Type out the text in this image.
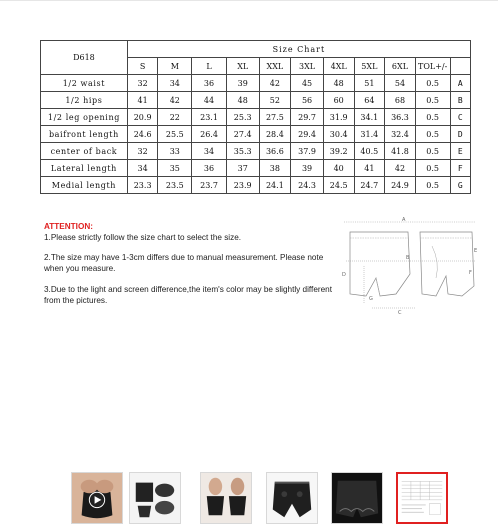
D618	Size Chart										
	S	M	L	XL	XXL	3XL	4XL	5XL	6XL	TOL+/-	
1/2 waist	32	34	36	39	42	45	48	51	54	0.5	A
1/2 hips	41	42	44	48	52	56	60	64	68	0.5	B
1/2 leg opening	20.9	22	23.1	25.3	27.5	29.7	31.9	34.1	36.3	0.5	C
baifront length	24.6	25.5	26.4	27.4	28.4	29.4	30.4	31.4	32.4	0.5	D
center of back	32	33	34	35.3	36.6	37.9	39.2	40.5	41.8	0.5	E
Lateral length	34	35	36	37	38	39	40	41	42	0.5	F
Medial length	23.3	23.5	23.7	23.9	24.1	24.3	24.5	24.7	24.9	0.5	G

ATTENTION:
1.Please strictly follow the size chart to select the size.

2.The size may have 1-3cm differs due to manual measurement. Please note when you measure.

3.Due to the light and screen difference,the item's color may be slightly different from the pictures.

A
B
C
D
E
F
G
